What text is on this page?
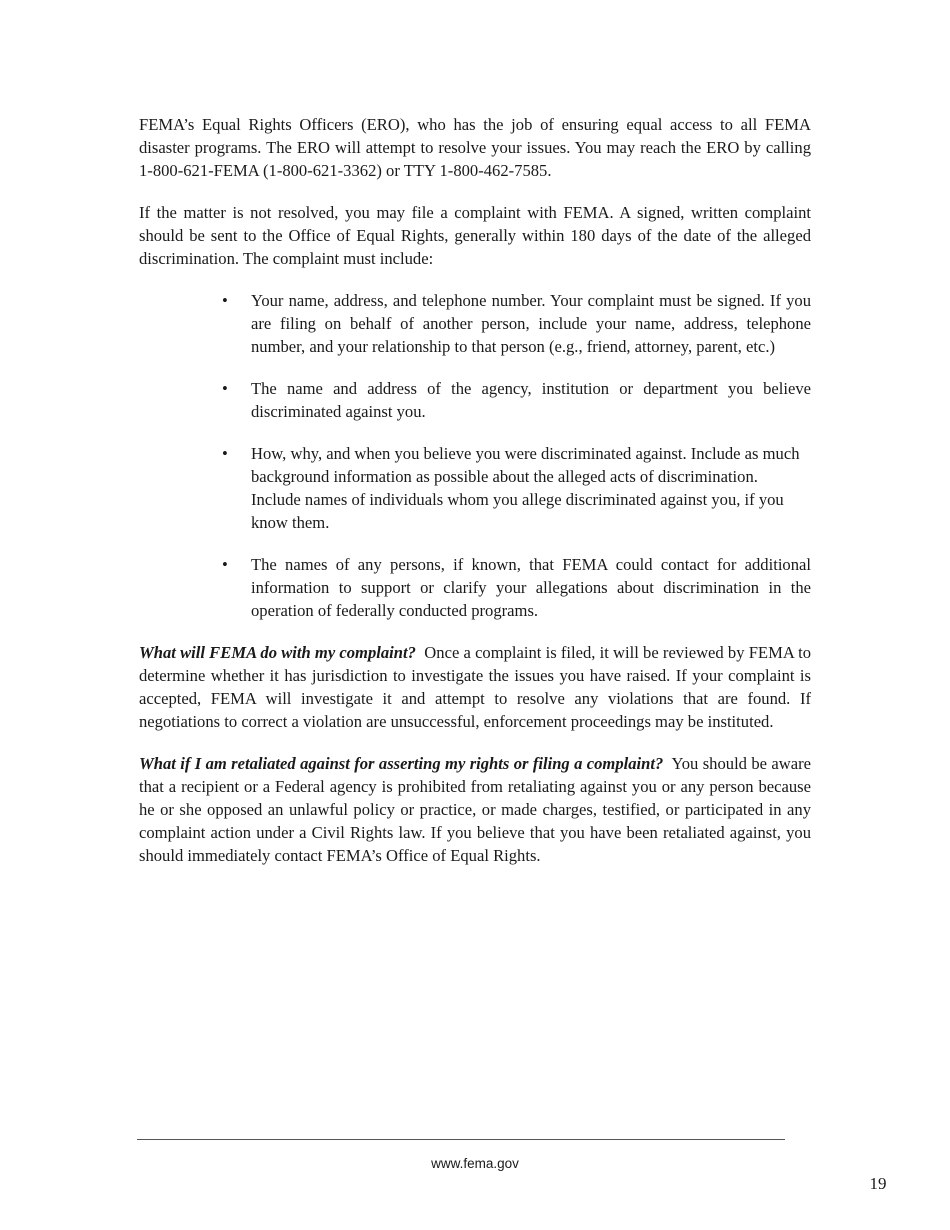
FEMA’s Equal Rights Officers (ERO), who has the job of ensuring equal access to all FEMA disaster programs. The ERO will attempt to resolve your issues. You may reach the ERO by calling 1-800-621-FEMA (1-800-621-3362) or TTY 1-800-462-7585.

If the matter is not resolved, you may file a complaint with FEMA. A signed, written complaint should be sent to the Office of Equal Rights, generally within 180 days of the date of the alleged discrimination. The complaint must include:

•	Your name, address, and telephone number. Your complaint must be signed. If you are filing on behalf of another person, include your name, address, telephone number, and your relationship to that person (e.g., friend, attorney, parent, etc.)
•	The name and address of the agency, institution or department you believe discriminated against you.
•	How, why, and when you believe you were discriminated against. Include as much background information as possible about the alleged acts of discrimination. Include names of individuals whom you allege discriminated against you, if you know them.
•	The names of any persons, if known, that FEMA could contact for additional information to support or clarify your allegations about discrimination in the operation of federally conducted programs.

What will FEMA do with my complaint? Once a complaint is filed, it will be reviewed by FEMA to determine whether it has jurisdiction to investigate the issues you have raised. If your complaint is accepted, FEMA will investigate it and attempt to resolve any violations that are found. If negotiations to correct a violation are unsuccessful, enforcement proceedings may be instituted.

What if I am retaliated against for asserting my rights or filing a complaint? You should be aware that a recipient or a Federal agency is prohibited from retaliating against you or any person because he or she opposed an unlawful policy or practice, or made charges, testified, or participated in any complaint action under a Civil Rights law. If you believe that you have been retaliated against, you should immediately contact FEMA’s Office of Equal Rights.

www.fema.gov
19
